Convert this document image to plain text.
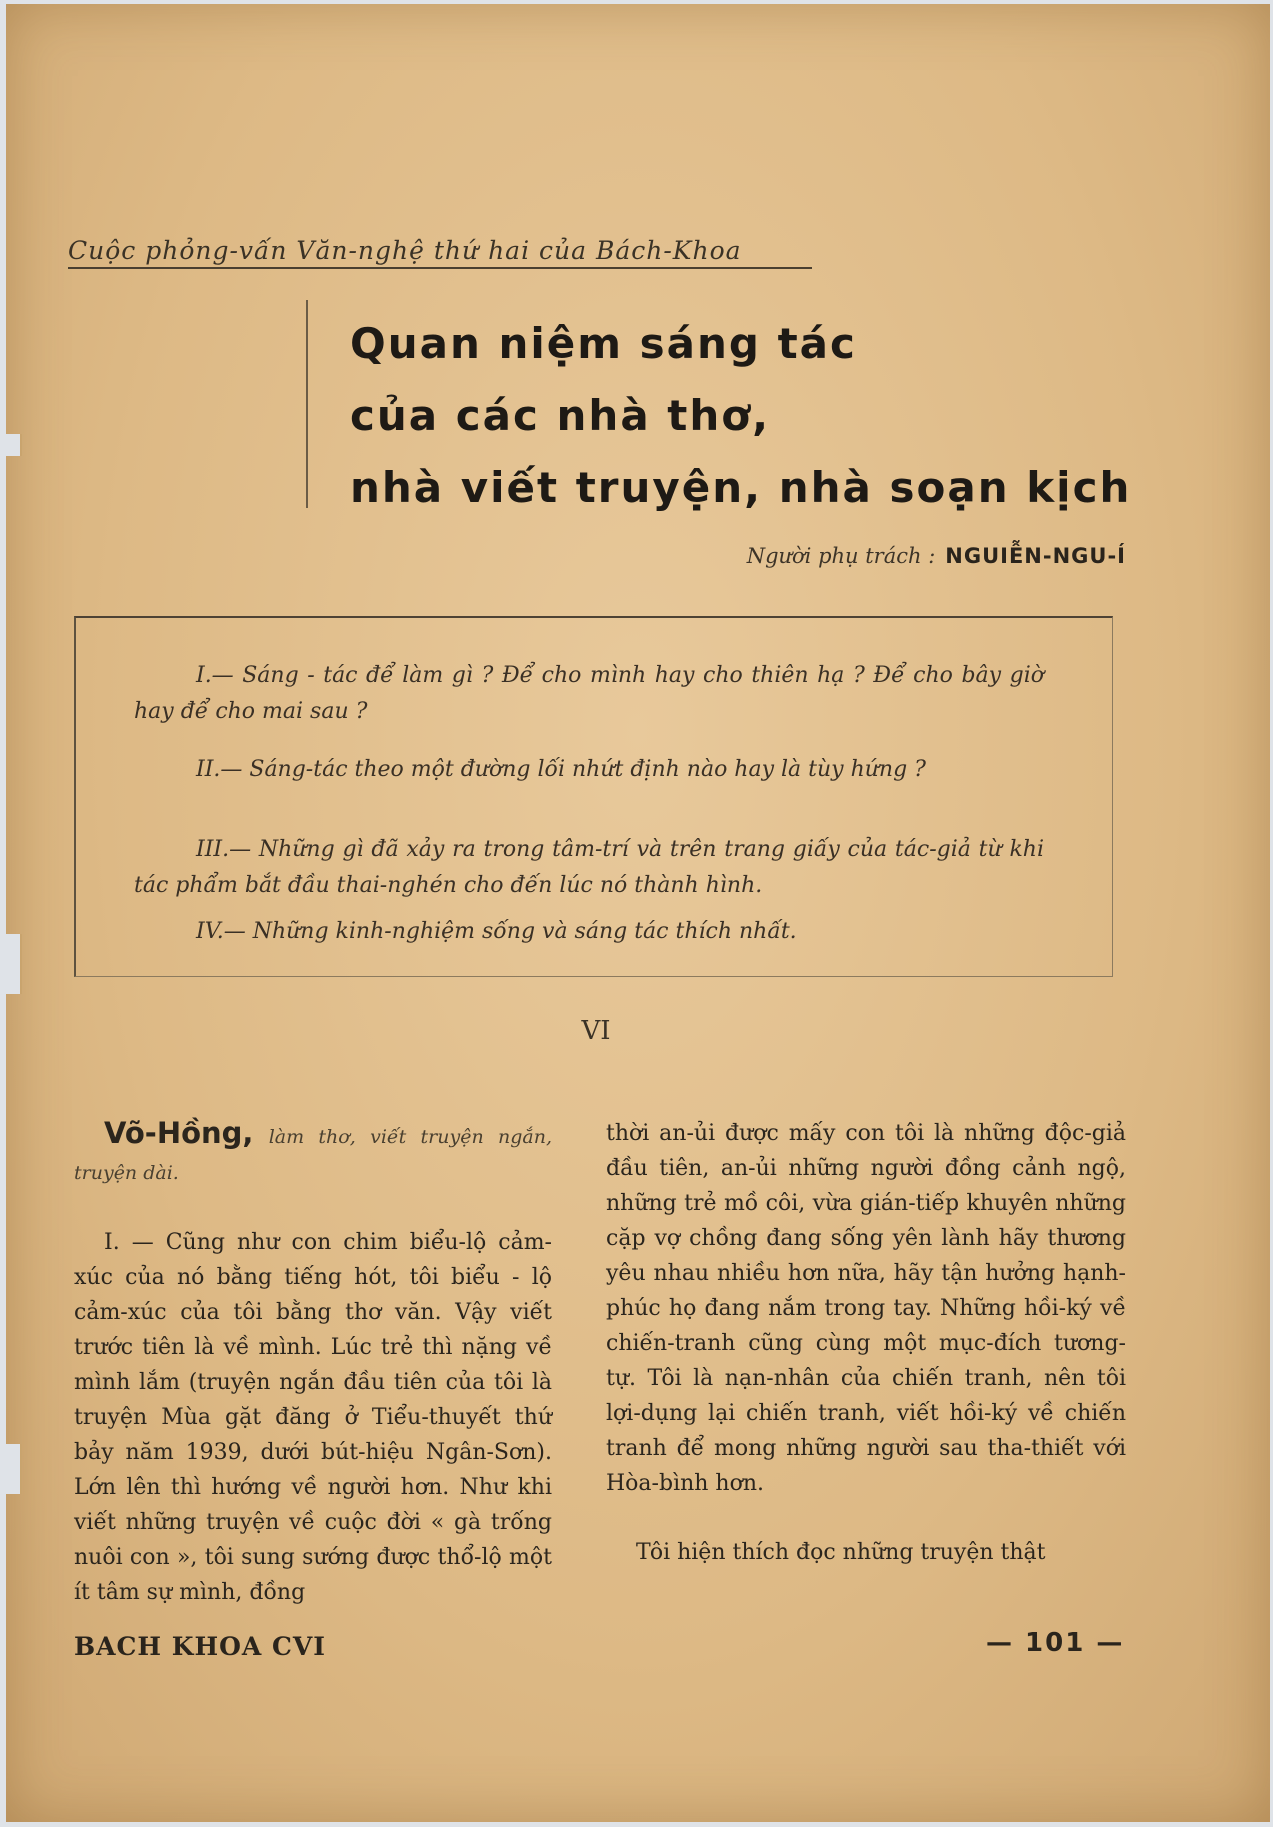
Cuộc phỏng-vấn Văn-nghệ thứ hai của Bách-Khoa
Quan niệm sáng tác
của các nhà thơ,
nhà viết truyện, nhà soạn kịch
Người phụ trách : NGUIỄN-NGU-Í
I.— Sáng - tác để làm gì ? Để cho mình hay cho thiên hạ ? Để cho bây giờ hay để cho mai sau ?
II.— Sáng-tác theo một đường lối nhứt định nào hay là tùy hứng ?
III.— Những gì đã xảy ra trong tâm-trí và trên trang giấy của tác-giả từ khi tác phẩm bắt đầu thai-nghén cho đến lúc nó thành hình.
IV.— Những kinh-nghiệm sống và sáng tác thích nhất.
VI
Võ-Hồng, làm thơ, viết truyện ngắn, truyện dài.

I. — Cũng như con chim biểu-lộ cảm-xúc của nó bằng tiếng hót, tôi biểu - lộ cảm-xúc của tôi bằng thơ văn. Vậy viết trước tiên là về mình. Lúc trẻ thì nặng về mình lắm (truyện ngắn đầu tiên của tôi là truyện Mùa gặt đăng ở Tiểu-thuyết thứ bảy năm 1939, dưới bút-hiệu Ngân-Sơn). Lớn lên thì hướng về người hơn. Như khi viết những truyện về cuộc đời « gà trống nuôi con », tôi sung sướng được thổ-lộ một ít tâm sự mình, đồng

thời an-ủi được mấy con tôi là những độc-giả đầu tiên, an-ủi những người đồng cảnh ngộ, những trẻ mồ côi, vừa gián-tiếp khuyên những cặp vợ chồng đang sống yên lành hãy thương yêu nhau nhiều hơn nữa, hãy tận hưởng hạnh-phúc họ đang nắm trong tay. Những hồi-ký về chiến-tranh cũng cùng một mục-đích tương-tự. Tôi là nạn-nhân của chiến tranh, nên tôi lợi-dụng lại chiến tranh, viết hồi-ký về chiến tranh để mong những người sau tha-thiết với Hòa-bình hơn.

Tôi hiện thích đọc những truyện thật

BACH KHOA CVI	— 101 —
